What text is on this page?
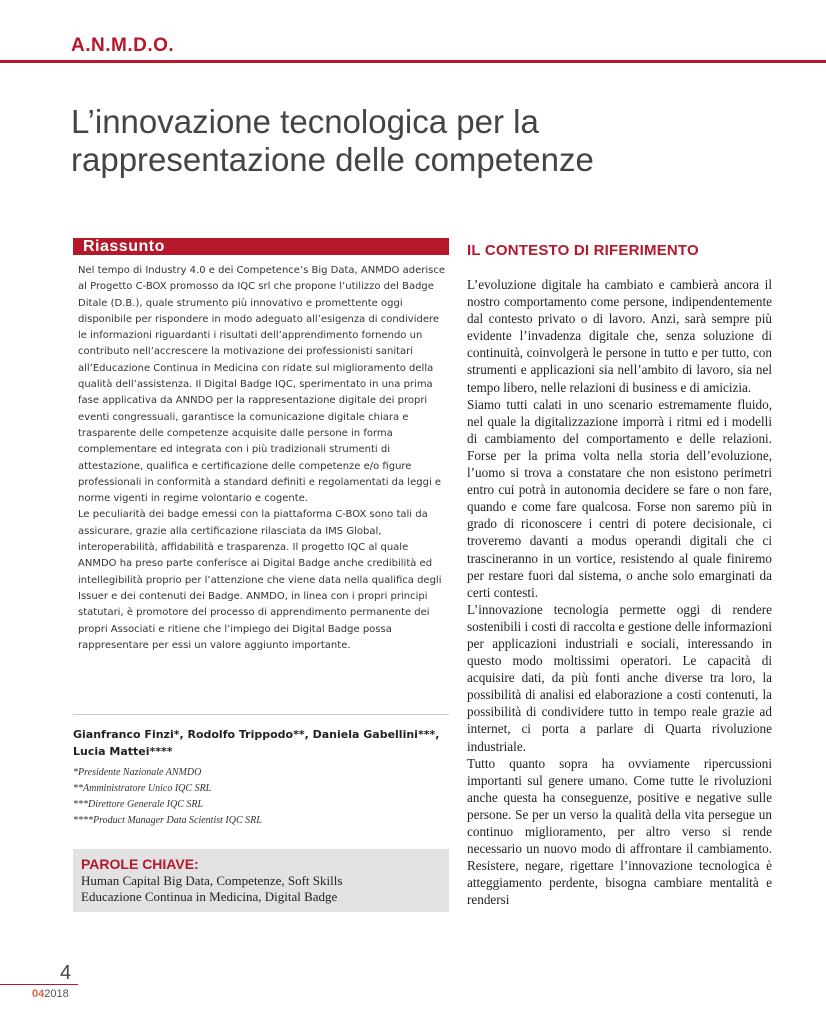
A.N.M.D.O.
L’innovazione tecnologica per la
rappresentazione delle competenze
Riassunto

Nel tempo di Industry 4.0 e dei Competence’s Big Data, ANMDO aderisce al Progetto C-BOX promosso da IQC srl che propone l’utilizzo del Badge Ditale (D.B.), quale strumento più innovativo e promettente oggi disponibile per rispondere in modo adeguato all’esigenza di condividere le informazioni riguardanti i risultati dell’apprendimento fornendo un contributo nell’accrescere la motivazione dei professionisti sanitari all’Educazione Continua in Medicina con ridate sul miglioramento della qualità dell’assistenza. Il Digital Badge IQC, sperimentato in una prima fase applicativa da ANNDO per la rappresentazione digitale dei propri eventi congressuali, garantisce la comunicazione digitale chiara e trasparente delle competenze acquisite dalle persone in forma complementare ed integrata con i più tradizionali strumenti di attestazione, qualifica e certificazione delle competenze e/o figure professionali in conformità a standard definiti e regolamentati da leggi e norme vigenti in regime volontario e cogente.

Le peculiarità dei badge emessi con la piattaforma C-BOX sono tali da assicurare, grazie alla certificazione rilasciata da IMS Global, interoperabilità, affidabilità e trasparenza. Il progetto IQC al quale ANMDO ha preso parte conferisce ai Digital Badge anche credibilità ed intellegibilità proprio per l’attenzione che viene data nella qualifica degli Issuer e dei contenuti dei Badge. ANMDO, in linea con i propri principi statutari, è promotore del processo di apprendimento permanente dei propri Associati e ritiene che l’impiego dei Digital Badge possa rappresentare per essi un valore aggiunto importante.

Gianfranco Finzi*, Rodolfo Trippodo**, Daniela Gabellini***, Lucia Mattei****
*Presidente Nazionale ANMDO
**Amministratore Unico IQC SRL
***Direttore Generale IQC SRL
****Product Manager Data Scientist IQC SRL
PAROLE CHIAVE:
Human Capital Big Data, Competenze, Soft Skills
Educazione Continua in Medicina, Digital Badge
IL CONTESTO DI RIFERIMENTO

L’evoluzione digitale ha cambiato e cambierà ancora il nostro comportamento come persone, indipendentemente dal contesto privato o di lavoro. Anzi, sarà sempre più evidente l’invadenza digitale che, senza soluzione di continuità, coinvolgerà le persone in tutto e per tutto, con strumenti e applicazioni sia nell’ambito di lavoro, sia nel tempo libero, nelle relazioni di business e di amicizia.

Siamo tutti calati in uno scenario estremamente fluido, nel quale la digitalizzazione imporrà i ritmi ed i modelli di cambiamento del comportamento e delle relazioni. Forse per la prima volta nella storia dell’evoluzione, l’uomo si trova a constatare che non esistono perimetri entro cui potrà in autonomia decidere se fare o non fare, quando e come fare qualcosa. Forse non saremo più in grado di riconoscere i centri di potere decisionale, ci troveremo davanti a modus operandi digitali che ci trascineranno in un vortice, resistendo al quale finiremo per restare fuori dal sistema, o anche solo emarginati da certi contesti.

L’innovazione tecnologia permette oggi di rendere sostenibili i costi di raccolta e gestione delle informazioni per applicazioni industriali e sociali, interessando in questo modo moltissimi operatori. Le capacità di acquisire dati, da più fonti anche diverse tra loro, la possibilità di analisi ed elaborazione a costi contenuti, la possibilità di condividere tutto in tempo reale grazie ad internet, ci porta a parlare di Quarta rivoluzione industriale.

Tutto quanto sopra ha ovviamente ripercussioni importanti sul genere umano. Come tutte le rivoluzioni anche questa ha conseguenze, positive e negative sulle persone. Se per un verso la qualità della vita persegue un continuo miglioramento, per altro verso si rende necessario un nuovo modo di affrontare il cambiamento. Resistere, negare, rigettare l’innovazione tecnologica è atteggiamento perdente, bisogna cambiare mentalità e rendersi

4
042018
